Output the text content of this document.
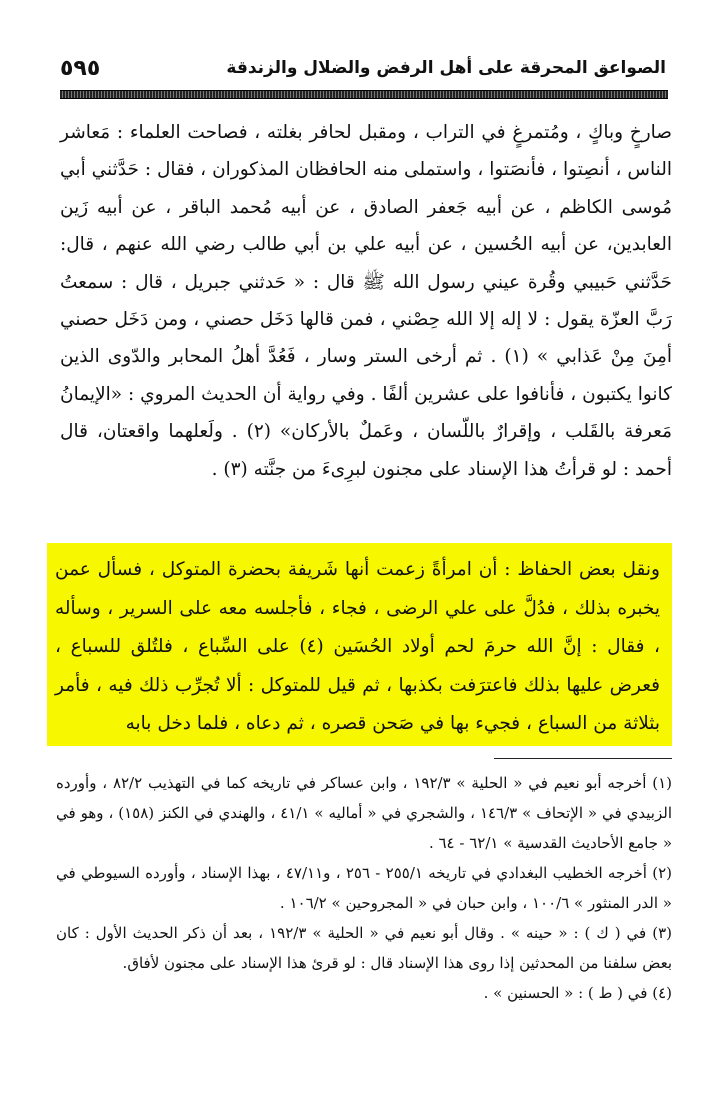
الصواعق المحرقة على أهل الرفض والضلال والزندقة
٥٩٥

صارخٍ وباكٍ ، ومُتمرغٍ في التراب ، ومقبل لحافر بغلته ، فصاحت العلماء : مَعاشر الناس ، أنصِتوا ، فأنصَتوا ، واستملى منه الحافظان المذكوران ، فقال : حَدَّثني أبي مُوسى الكاظم ، عن أبيه جَعفر الصادق ، عن أبيه مُحمد الباقر ، عن أبيه زَين العابدين، عن أبيه الحُسين ، عن أبيه علي بن أبي طالب رضي الله عنهم ، قال: حَدَّثني حَبيبي وقُرة عيني رسول الله ﷺ قال : « حَدثني جبريل ، قال : سمعتُ رَبَّ العزّة يقول : لا إله إلا الله حِصْني ، فمن قالها دَخَل حصني ، ومن دَخَل حصني أمِنَ مِنْ عَذابي » (١) . ثم أرخى الستر وسار ، فَعُدَّ أهلُ المحابر والدّوى الذين كانوا يكتبون ، فأنافوا على عشرين ألفًا . وفي رواية أن الحديث المروي : «الإيمانُ مَعرفة بالقَلب ، وإقرارٌ باللّسان ، وعَملٌ بالأركان» (٢) . ولَعلهما واقعتان، قال أحمد : لو قرأتُ هذا الإسناد على مجنون لبرِىءَ من جنَّته (٣) .

ونقل بعض الحفاظ : أن امرأةً زعمت أنها شَريفة بحضرة المتوكل ، فسأل عمن يخبره بذلك ، فدُلَّ على علي الرضى ، فجاء ، فأجلسه معه على السرير ، وسأله ، فقال : إنَّ الله حرمَ لحم أولاد الحُسَين (٤) على السِّباع ، فلتُلق للسباع ، فعرض عليها بذلك فاعترَفت بكذبها ، ثم قيل للمتوكل : ألا تُجرِّب ذلك فيه ، فأمر بثلاثة من السباع ، فجيء بها في صَحن قصره ، ثم دعاه ، فلما دخل بابه

(١) أخرجه أبو نعيم في « الحلية » ١٩٢/٣ ، وابن عساكر في تاريخه كما في التهذيب ٨٢/٢ ، وأورده الزبيدي في « الإتحاف » ١٤٦/٣ ، والشجري في « أماليه » ٤١/١ ، والهندي في الكنز (١٥٨) ، وهو في « جامع الأحاديث القدسية » ٦٢/١ - ٦٤ .

(٢) أخرجه الخطيب البغدادي في تاريخه ٢٥٥/١ - ٢٥٦ ، و٤٧/١١ ، بهذا الإسناد ، وأورده السيوطي في « الدر المنثور » ١٠٠/٦ ، وابن حبان في « المجروحين » ١٠٦/٢ .

(٣) في ( ك ) : « حينه » . وقال أبو نعيم في « الحلية » ١٩٢/٣ ، بعد أن ذكر الحديث الأول : كان بعض سلفنا من المحدثين إذا روى هذا الإسناد قال : لو قرئ هذا الإسناد على مجنون لأفاق.

(٤) في ( ط ) : « الحسنين » .
